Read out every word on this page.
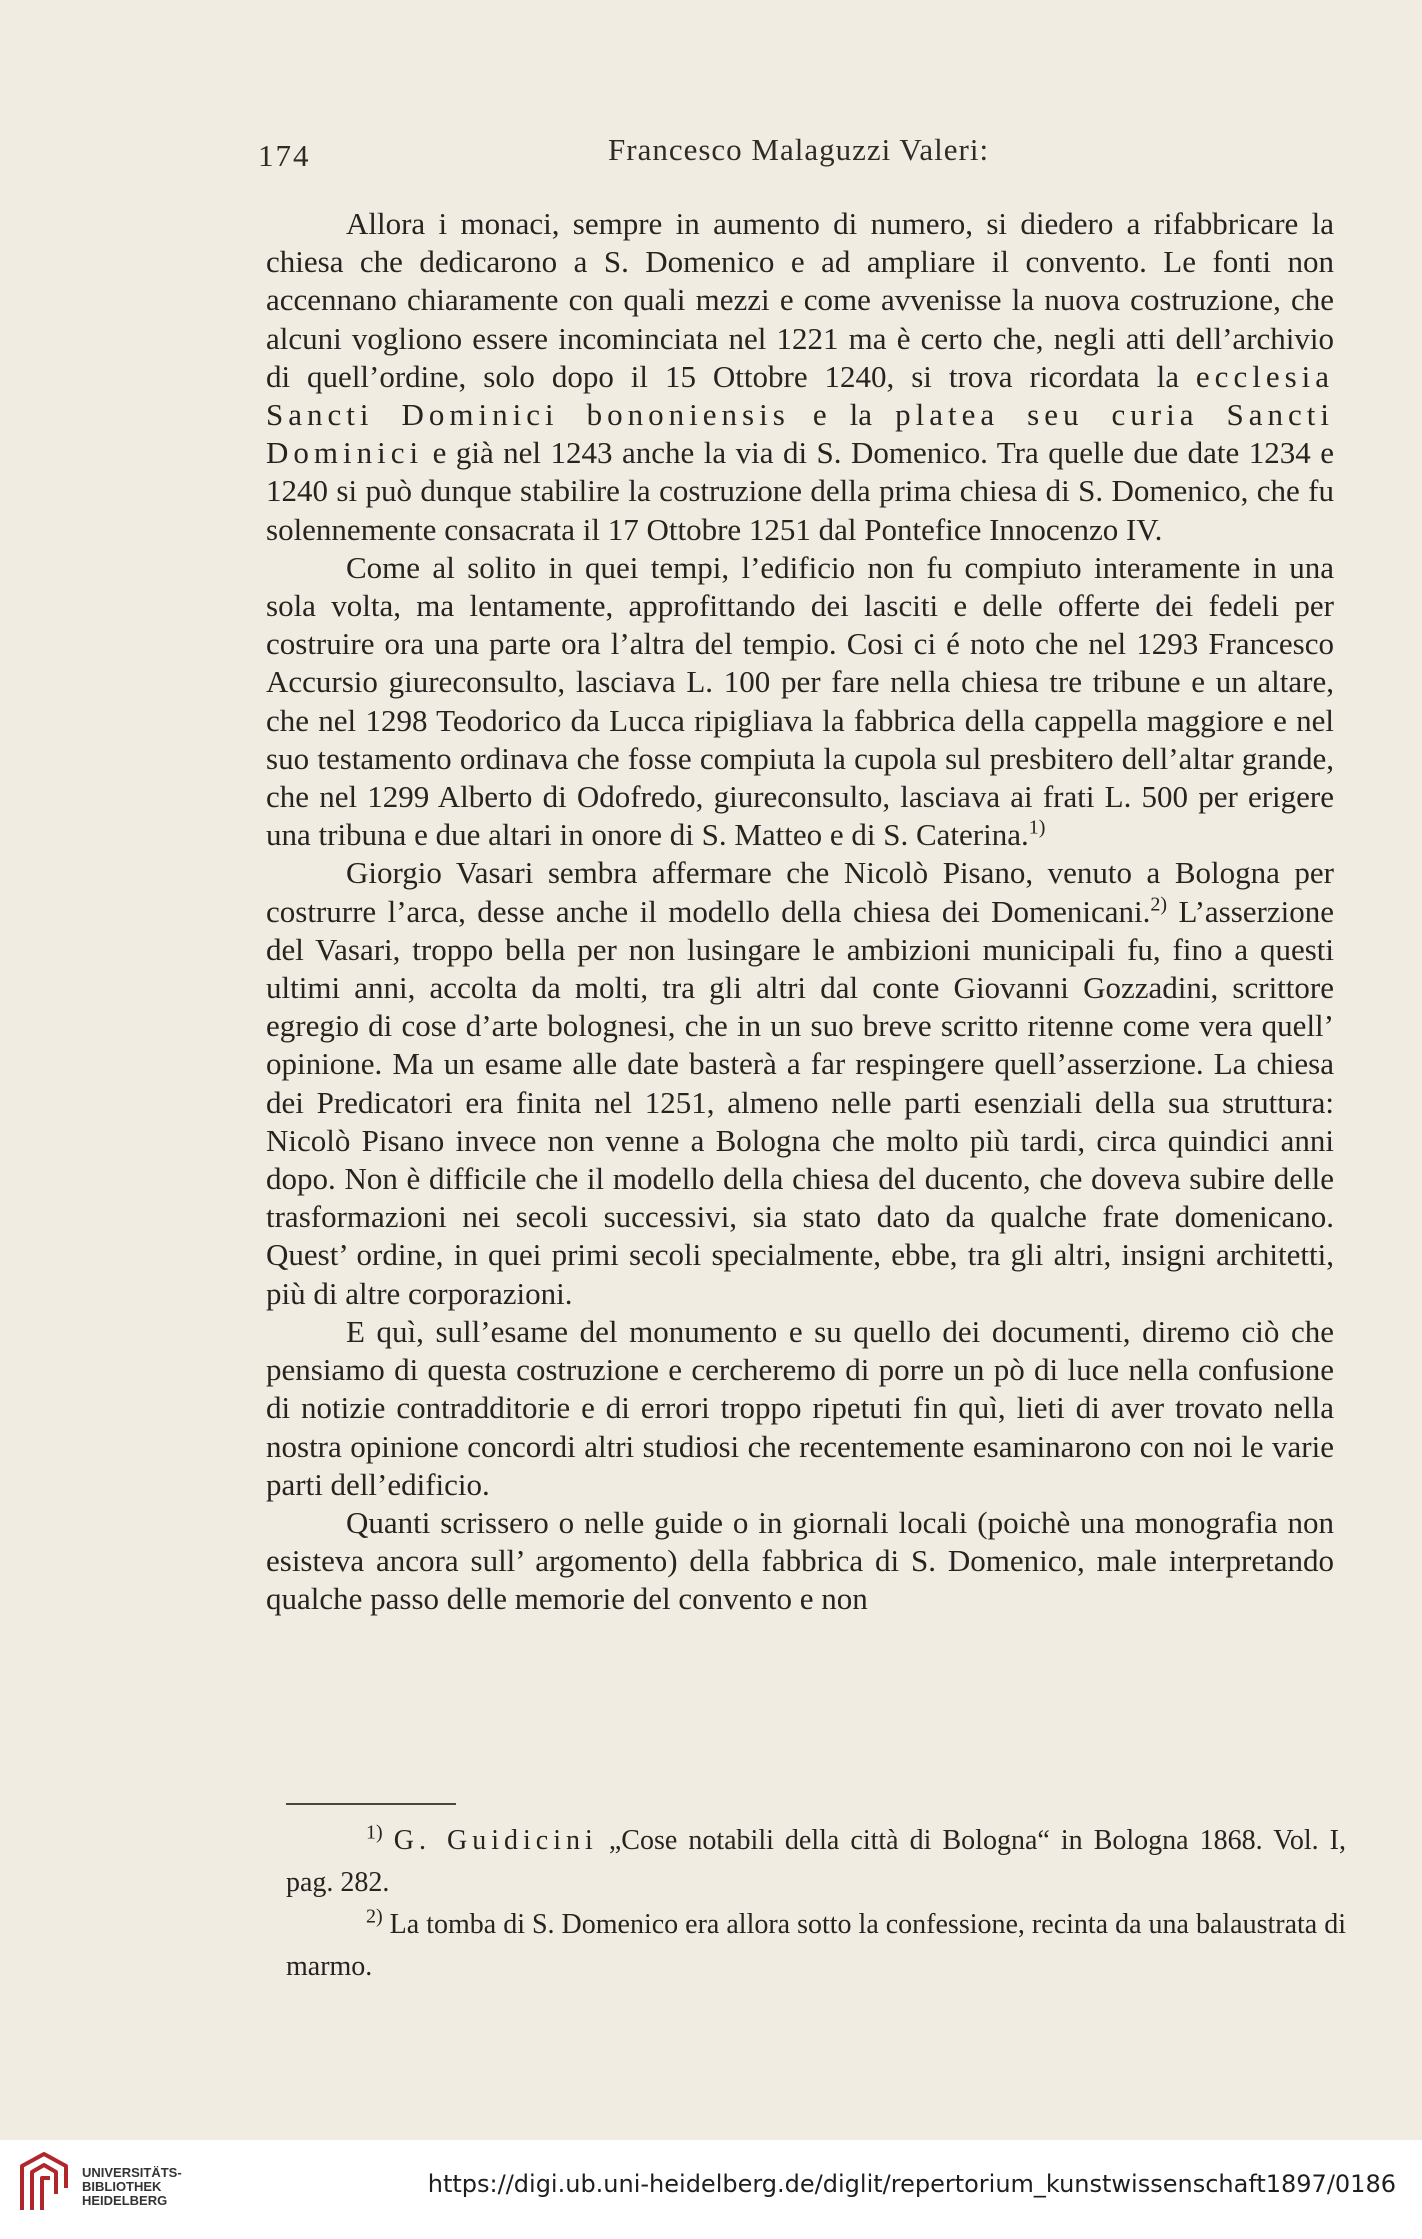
174	Francesco Malaguzzi Valeri:

Allora i monaci, sempre in aumento di numero, si diedero a rifabbricare la chiesa che dedicarono a S. Domenico e ad ampliare il convento. Le fonti non accennano chiaramente con quali mezzi e come avvenisse la nuova costruzione, che alcuni vogliono essere incominciata nel 1221 ma è certo che, negli atti dell’archivio di quell’ordine, solo dopo il 15 Ottobre 1240, si trova ricordata la ecclesia Sancti Dominici bononiensis e la platea seu curia Sancti Dominici e già nel 1243 anche la via di S. Domenico. Tra quelle due date 1234 e 1240 si può dunque stabilire la costruzione della prima chiesa di S. Domenico, che fu solennemente consacrata il 17 Ottobre 1251 dal Pontefice Innocenzo IV.

Come al solito in quei tempi, l’edificio non fu compiuto interamente in una sola volta, ma lentamente, approfittando dei lasciti e delle offerte dei fedeli per costruire ora una parte ora l’altra del tempio. Cosi ci é noto che nel 1293 Francesco Accursio giureconsulto, lasciava L. 100 per fare nella chiesa tre tribune e un altare, che nel 1298 Teodorico da Lucca ripigliava la fabbrica della cappella maggiore e nel suo testamento ordinava che fosse compiuta la cupola sul presbitero dell’altar grande, che nel 1299 Alberto di Odofredo, giureconsulto, lasciava ai frati L. 500 per erigere una tribuna e due altari in onore di S. Matteo e di S. Caterina.$^{1)}$

Giorgio Vasari sembra affermare che Nicolò Pisano, venuto a Bologna per costrurre l’arca, desse anche il modello della chiesa dei Domenicani.$^{2)}$ L’asserzione del Vasari, troppo bella per non lusingare le ambizioni municipali fu, fino a questi ultimi anni, accolta da molti, tra gli altri dal conte Giovanni Gozzadini, scrittore egregio di cose d’arte bolognesi, che in un suo breve scritto ritenne come vera quell’ opinione. Ma un esame alle date basterà a far respingere quell’asserzione. La chiesa dei Predicatori era finita nel 1251, almeno nelle parti esenziali della sua struttura: Nicolò Pisano invece non venne a Bologna che molto più tardi, circa quindici anni dopo. Non è difficile che il modello della chiesa del ducento, che doveva subire delle trasformazioni nei secoli successivi, sia stato dato da qualche frate domenicano. Quest’ ordine, in quei primi secoli specialmente, ebbe, tra gli altri, insigni architetti, più di altre corporazioni.

E quì, sull’esame del monumento e su quello dei documenti, diremo ciò che pensiamo di questa costruzione e cercheremo di porre un pò di luce nella confusione di notizie contradditorie e di errori troppo ripetuti fin quì, lieti di aver trovato nella nostra opinione concordi altri studiosi che recentemente esaminarono con noi le varie parti dell’edificio.

Quanti scrissero o nelle guide o in giornali locali (poichè una monografia non esisteva ancora sull’ argomento) della fabbrica di S. Domenico, male interpretando qualche passo delle memorie del convento e non

$^{1)}$ G. Guidicini „Cose notabili della città di Bologna“ in Bologna 1868. Vol. I, pag. 282.

$^{2)}$ La tomba di S. Domenico era allora sotto la confessione, recinta da una balaustrata di marmo.

UNIVERSITÄTS-
BIBLIOTHEK
HEIDELBERG
https://digi.ub.uni-heidelberg.de/diglit/repertorium_kunstwissenschaft1897/0186
